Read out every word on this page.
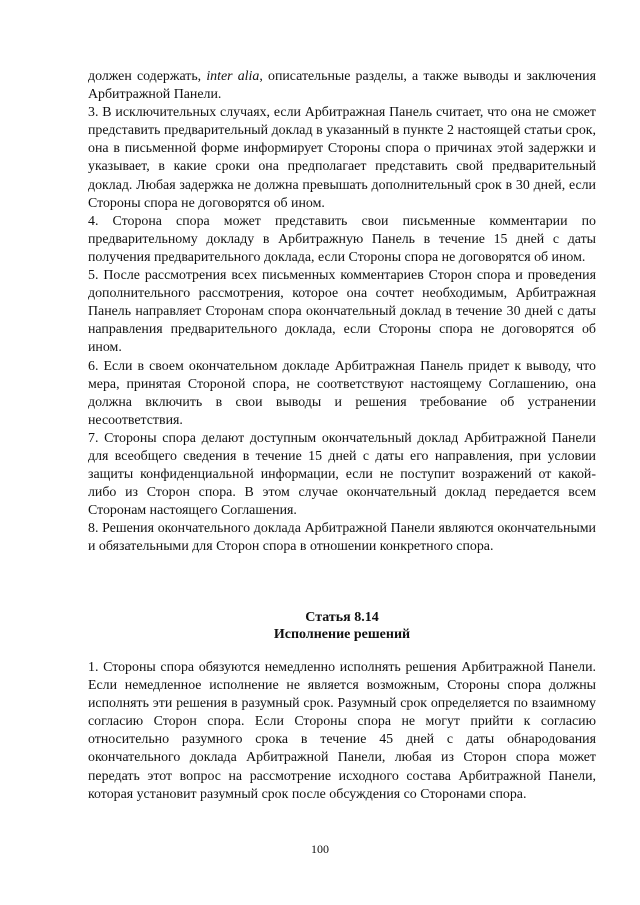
должен содержать, inter alia, описательные разделы, а также выводы и заключения Арбитражной Панели.

3. В исключительных случаях, если Арбитражная Панель считает, что она не сможет представить предварительный доклад в указанный в пункте 2 настоящей статьи срок, она в письменной форме информирует Стороны спора о причинах этой задержки и указывает, в какие сроки она предполагает представить свой предварительный доклад. Любая задержка не должна превышать дополнительный срок в 30 дней, если Стороны спора не договорятся об ином.

4. Сторона спора может представить свои письменные комментарии по предварительному докладу в Арбитражную Панель в течение 15 дней с даты получения предварительного доклада, если Стороны спора не договорятся об ином.

5. После рассмотрения всех письменных комментариев Сторон спора и проведения дополнительного рассмотрения, которое она сочтет необходимым, Арбитражная Панель направляет Сторонам спора окончательный доклад в течение 30 дней с даты направления предварительного доклада, если Стороны спора не договорятся об ином.

6. Если в своем окончательном докладе Арбитражная Панель придет к выводу, что мера, принятая Стороной спора, не соответствуют настоящему Соглашению, она должна включить в свои выводы и решения требование об устранении несоответствия.

7. Стороны спора делают доступным окончательный доклад Арбитражной Панели для всеобщего сведения в течение 15 дней с даты его направления, при условии защиты конфиденциальной информации, если не поступит возражений от какой-либо из Сторон спора. В этом случае окончательный доклад передается всем Сторонам настоящего Соглашения.

8. Решения окончательного доклада Арбитражной Панели являются окончательными и обязательными для Сторон спора в отношении конкретного спора.

Статья 8.14
Исполнение решений

1. Стороны спора обязуются немедленно исполнять решения Арбитражной Панели. Если немедленное исполнение не является возможным, Стороны спора должны исполнять эти решения в разумный срок. Разумный срок определяется по взаимному согласию Сторон спора. Если Стороны спора не могут прийти к согласию относительно разумного срока в течение 45 дней с даты обнародования окончательного доклада Арбитражной Панели, любая из Сторон спора может передать этот вопрос на рассмотрение исходного состава Арбитражной Панели, которая установит разумный срок после обсуждения со Сторонами спора.

100
